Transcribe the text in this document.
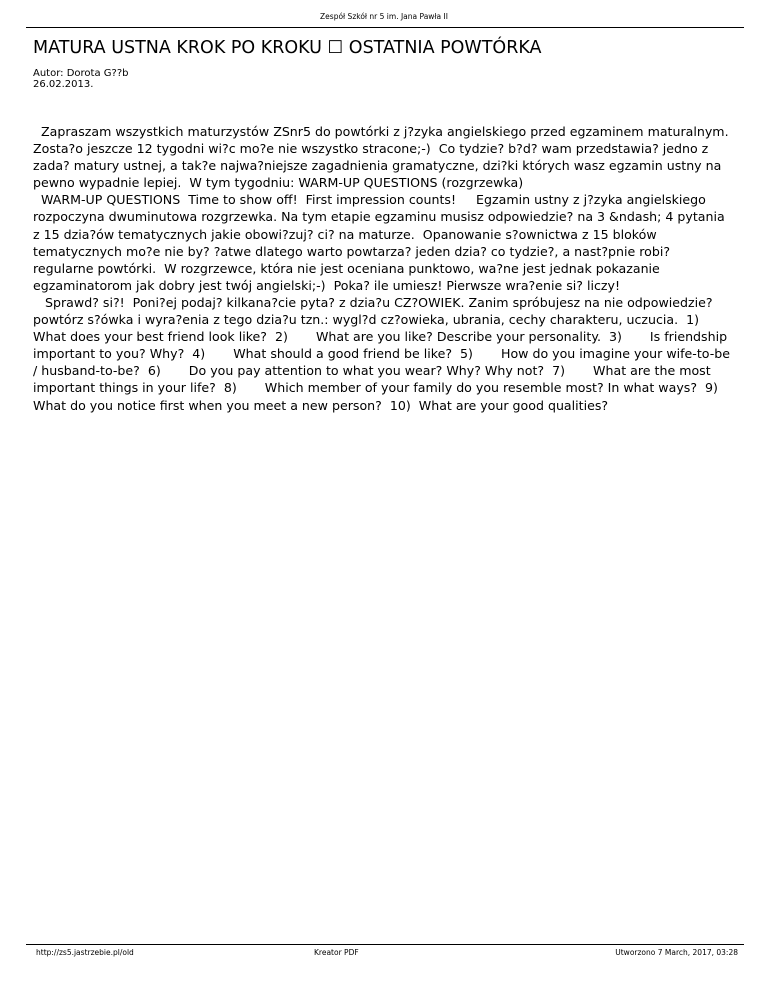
Zespół Szkół nr 5 im. Jana Pawła II
MATURA USTNA KROK PO KROKU ☐ OSTATNIA POWTÓRKA
Autor: Dorota G??b
26.02.2013.
Zapraszam wszystkich maturzystów ZSnr5 do powtórki z j?zyka angielskiego przed egzaminem maturalnym. Zosta?o jeszcze 12 tygodni wi?c mo?e nie wszystko stracone;-)  Co tydzie? b?d? wam przedstawia? jedno z zada? matury ustnej, a tak?e najwa?niejsze zagadnienia gramatyczne, dzi?ki których wasz egzamin ustny na pewno wypadnie lepiej.  W tym tygodniu: WARM-UP QUESTIONS (rozgrzewka)
WARM-UP QUESTIONS  Time to show off!  First impression counts!     Egzamin ustny z j?zyka angielskiego rozpoczyna dwuminutowa rozgrzewka. Na tym etapie egzaminu musisz odpowiedzie? na 3 &ndash; 4 pytania z 15 dzia?ów tematycznych jakie obowi?zuj? ci? na maturze.  Opanowanie s?ownictwa z 15 bloków tematycznych mo?e nie by? ?atwe dlatego warto powtarza? jeden dzia? co tydzie?, a nast?pnie robi? regularne powtórki.  W rozgrzewce, która nie jest oceniana punktowo, wa?ne jest jednak pokazanie egzaminatorom jak dobry jest twój angielski;-)  Poka? ile umiesz! Pierwsze wra?enie si? liczy!
Sprawd? si?!  Poni?ej podaj? kilkana?cie pyta? z dzia?u CZ?OWIEK. Zanim spróbujesz na nie odpowiedzie? powtórz s?ówka i wyra?enia z tego dzia?u tzn.: wygl?d cz?owieka, ubrania, cechy charakteru, uczucia.  1)       What does your best friend look like?  2)       What are you like? Describe your personality.  3)       Is friendship important to you? Why?  4)       What should a good friend be like?  5)       How do you imagine your wife-to-be / husband-to-be?  6)       Do you pay attention to what you wear? Why? Why not?  7)       What are the most important things in your life?  8)       Which member of your family do you resemble most? In what ways?  9)       What do you notice first when you meet a new person?  10)  What are your good qualities?
http://zs5.jastrzebie.pl/old	Kreator PDF	Utworzono 7 March, 2017, 03:28
